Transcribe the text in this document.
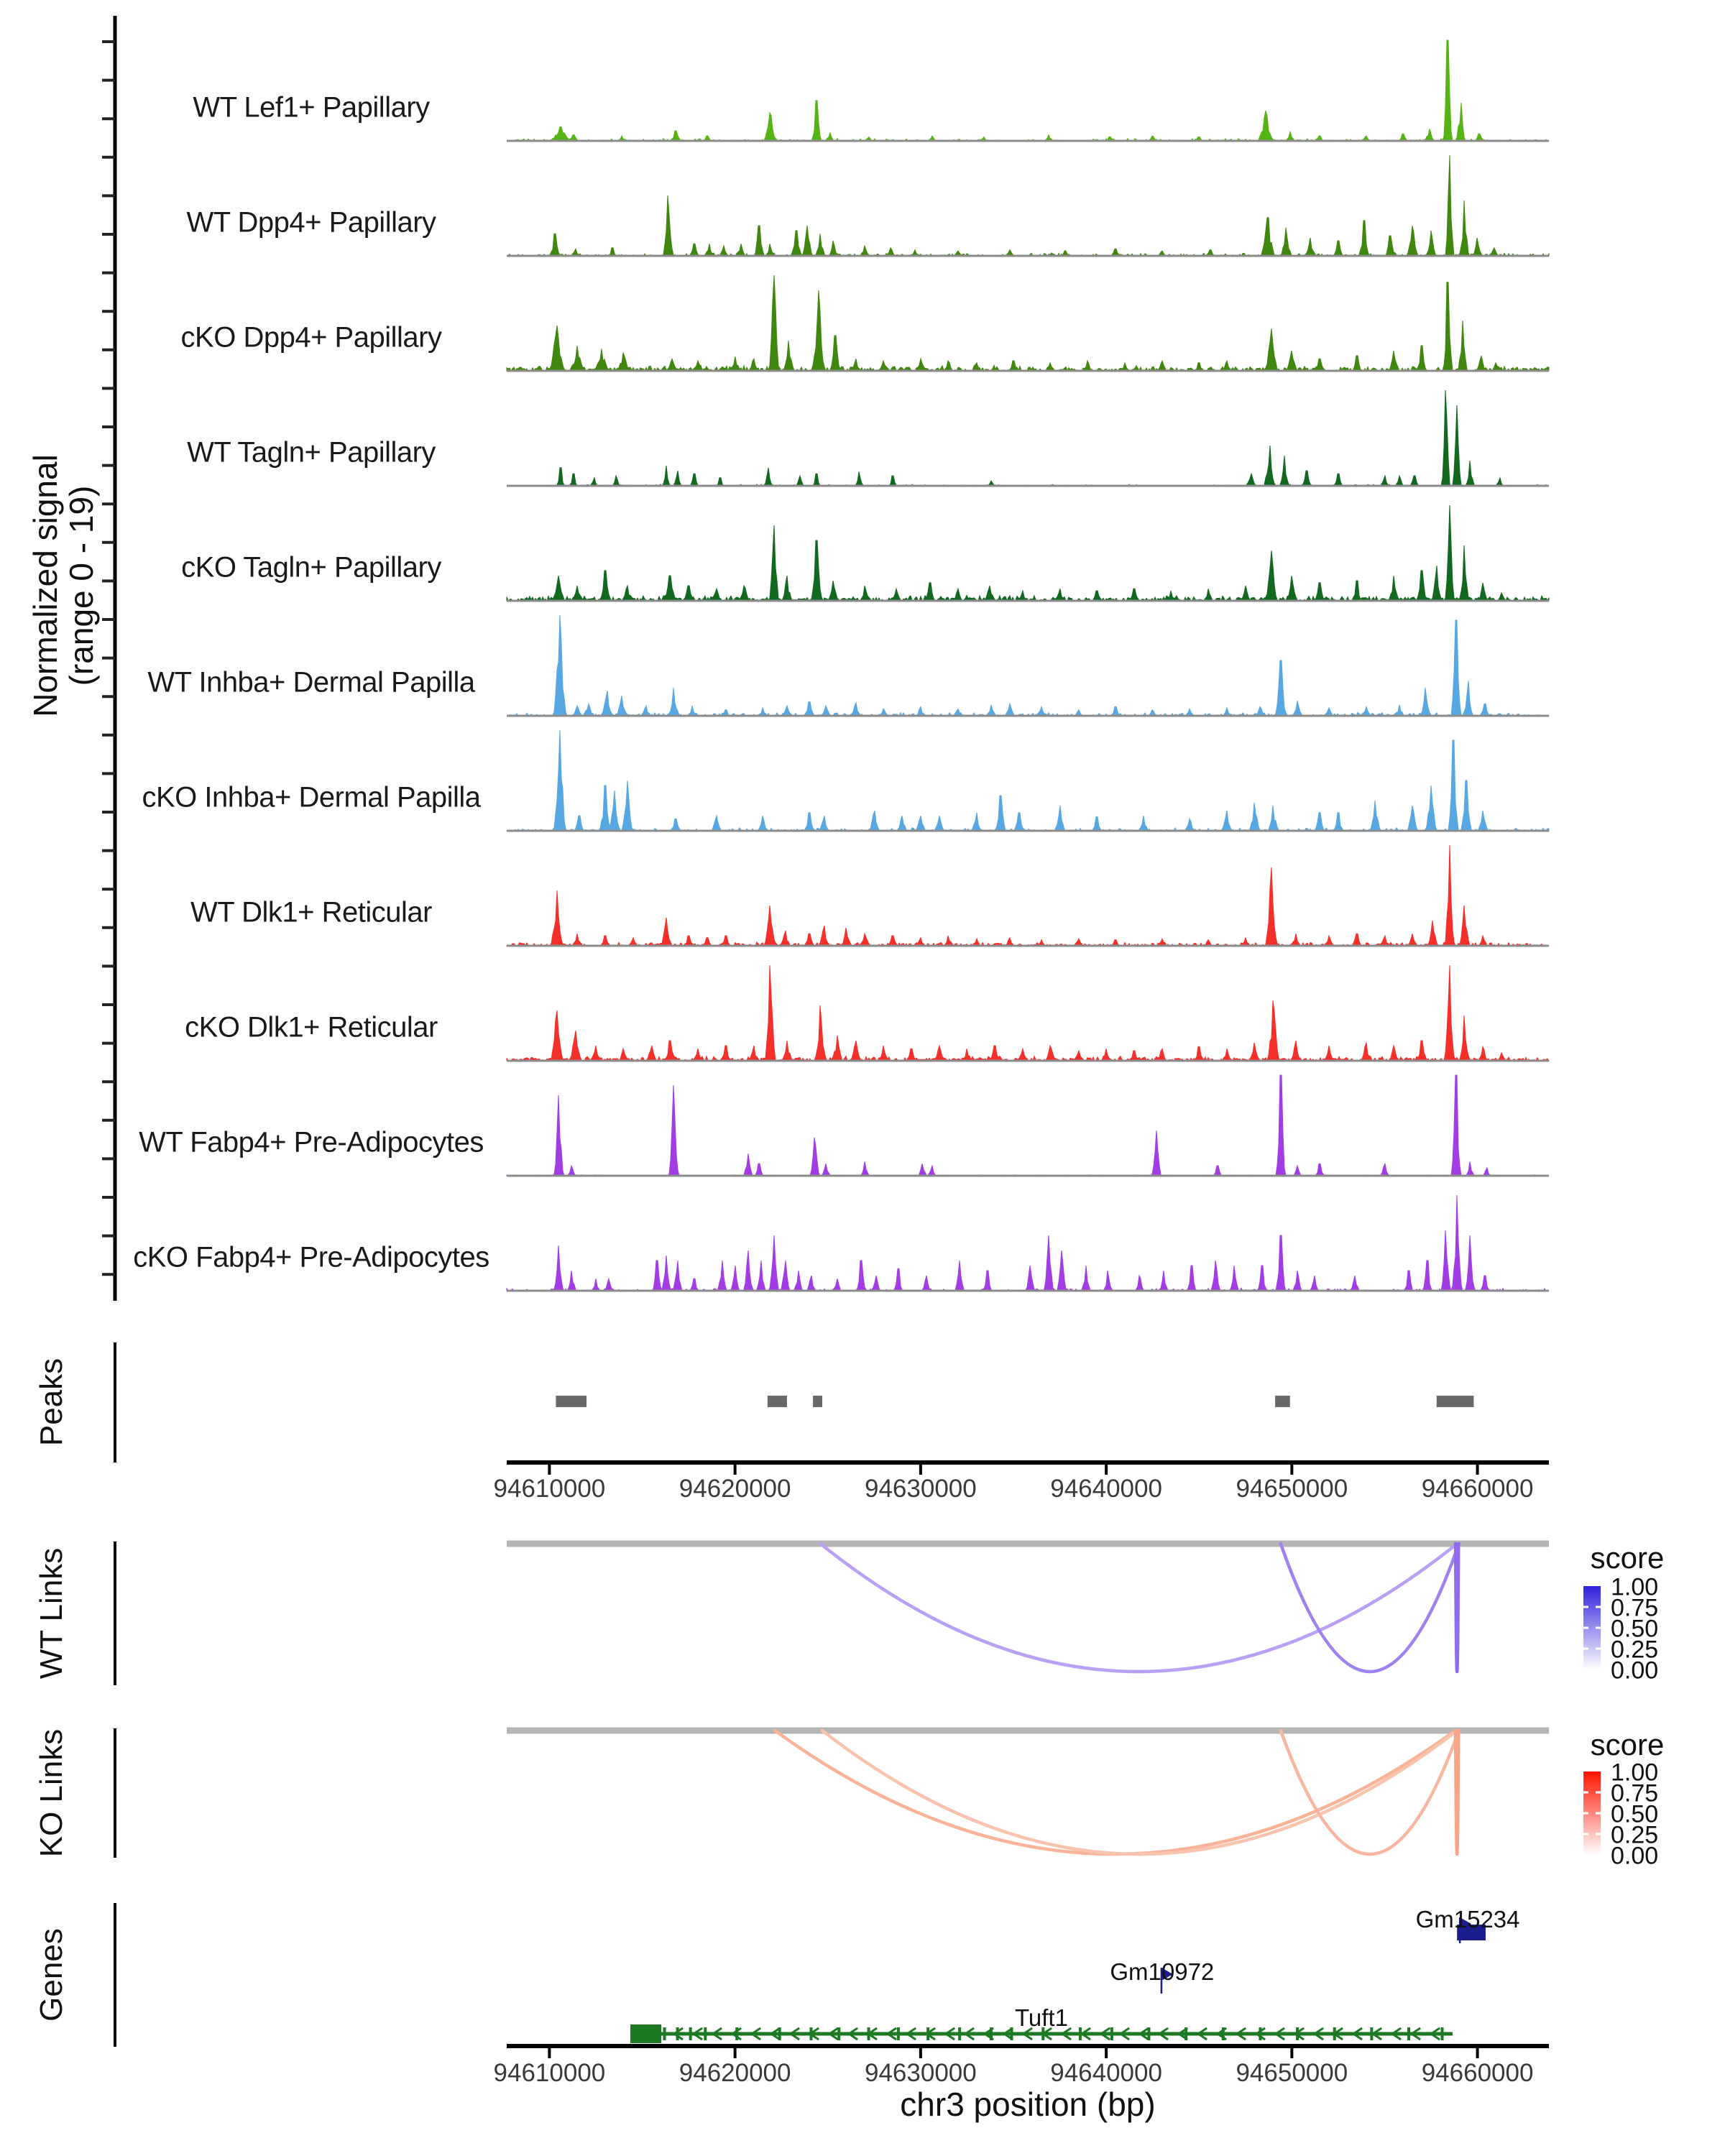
Normalized signal
(range 0 - 19)
Peaks
WT Links
KO Links
Genes
score
score
chr3 position (bp)
WT Lef1+ Papillary
WT Dpp4+ Papillary
cKO Dpp4+ Papillary
WT Tagln+ Papillary
cKO Tagln+ Papillary
WT Inhba+ Dermal Papilla
cKO Inhba+ Dermal Papilla
WT Dlk1+ Reticular
cKO Dlk1+ Reticular
WT Fabp4+ Pre-Adipocytes
cKO Fabp4+ Pre-Adipocytes
94610000	94620000	94630000	94640000	94650000	94660000
94610000	94620000	94630000	94640000	94650000	94660000
1.00
0.75
0.50
0.25
0.00
1.00
0.75
0.50
0.25
0.00
Tuft1
Gm10972
Gm15234
